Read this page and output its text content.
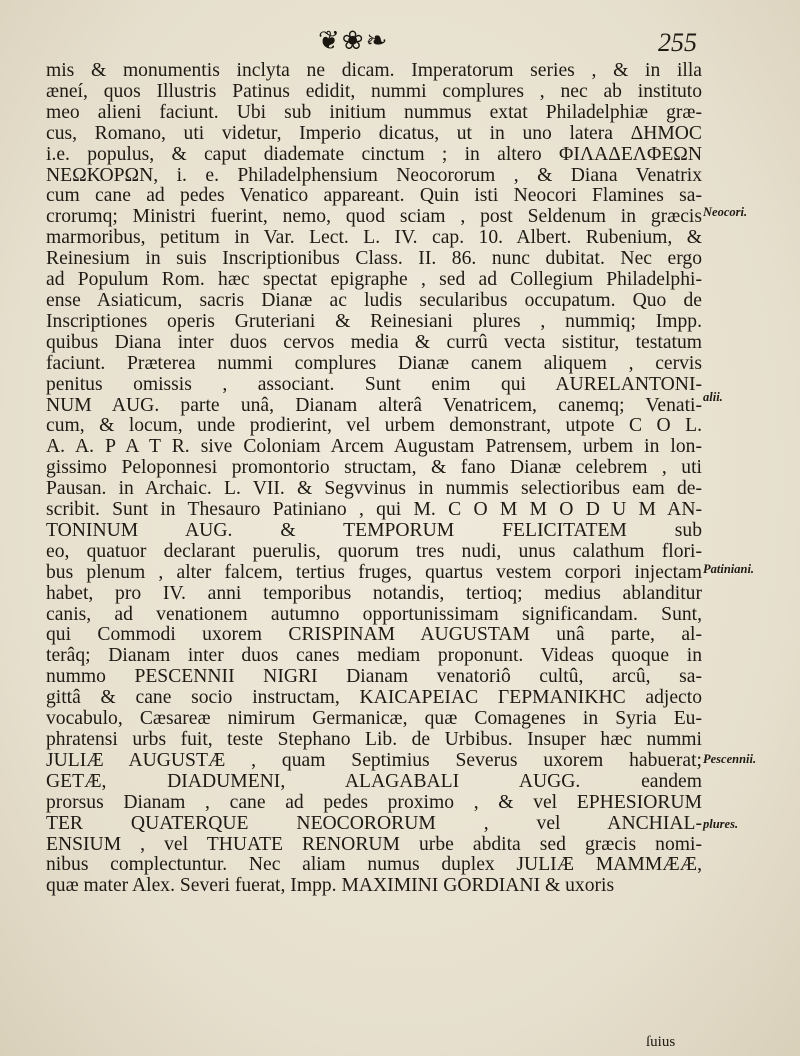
❦❀❧	255
mis & monumentis inclyta ne dicam. Imperatorum series , & in illa
æneí, quos Illustris Patinus edidit, nummi complures , nec ab instituto
meo alieni faciunt. Ubi sub initium nummus extat Philadelphiæ græ-
cus, Romano, uti videtur, Imperio dicatus, ut in uno latera ΔΗΜΟC
i.e. populus, & caput diademate cinctum ; in altero ΦΙΛΑΔΕΛΦΕΩΝ
ΝΕΩΚΟΡΩΝ, i. e. Philadelphensium Neocororum , & Diana Venatrix
cum cane ad pedes Venatico appareant. Quin isti Neocori Flamines sa-
crorumq; Ministri fuerint, nemo, quod sciam , post Seldenum in græcis
marmoribus, petitum in Var. Lect. L. IV. cap. 10. Albert. Rubenium, &
Reinesium in suis Inscriptionibus Class. II. 86. nunc dubitat. Nec ergo
ad Populum Rom. hæc spectat epigraphe , sed ad Collegium Philadelphi-
ense Asiaticum, sacris Dianæ ac ludis secularibus occupatum. Quo de
Inscriptiones operis Gruteriani & Reinesiani plures , nummiq; Impp.
quibus Diana inter duos cervos media & currû vecta sistitur, testatum
faciunt. Præterea nummi complures Dianæ canem aliquem , cervis
penitus omissis , associant. Sunt enim qui AURELANTONI-
NUM AUG. parte unâ, Dianam alterâ Venatricem, canemq; Venati-
cum, & locum, unde prodierint, vel urbem demonstrant, utpote C O L.
A. A. P A T R. sive Coloniam Arcem Augustam Patrensem, urbem in lon-
gissimo Peloponnesi promontorio structam, & fano Dianæ celebrem , uti
Pausan. in Archaic. L. VII. & Segvvinus in nummis selectioribus eam de-
scribit. Sunt in Thesauro Patiniano , qui M. C O M M O D U M AN-
TONINUM AUG. & TEMPORUM FELICITATEM sub
eo, quatuor declarant puerulis, quorum tres nudi, unus calathum flori-
bus plenum , alter falcem, tertius fruges, quartus vestem corpori injectam
habet, pro IV. anni temporibus notandis, tertioq; medius ablanditur
canis, ad venationem autumno opportunissimam significandam. Sunt,
qui Commodi uxorem CRISPINAM AUGUSTAM unâ parte, al-
terâq; Dianam inter duos canes mediam proponunt. Videas quoque in
nummo PESCENNII NIGRI Dianam venatoriô cultû, arcû, sa-
gittâ & cane socio instructam, ΚΑΙCΑΡΕΙΑC ΓΕΡΜΑΝΙΚΗC adjecto
vocabulo, Cæsareæ nimirum Germanicæ, quæ Comagenes in Syria Eu-
phratensi urbs fuit, teste Stephano Lib. de Urbibus. Insuper hæc nummi
JULIÆ AUGUSTÆ , quam Septimius Severus uxorem habuerat;
GETÆ, DIADUMENI, ALAGABALI AUGG. eandem
prorsus Dianam , cane ad pedes proximo , & vel EPHESIORUM
TER QUATERQUE NEOCORORUM , vel ANCHIAL-
ENSIUM , vel THUATE RENORUM urbe abdita sed græcis nomi-
nibus complectuntur. Nec aliam numus duplex JULIÆ MAMMÆÆ,
quæ mater Alex. Severi fuerat, Impp. MAXIMINI GORDIANI & uxoris
Neocori.
alii.
Patiniani.
Pescennii.
plures.
ſuius
